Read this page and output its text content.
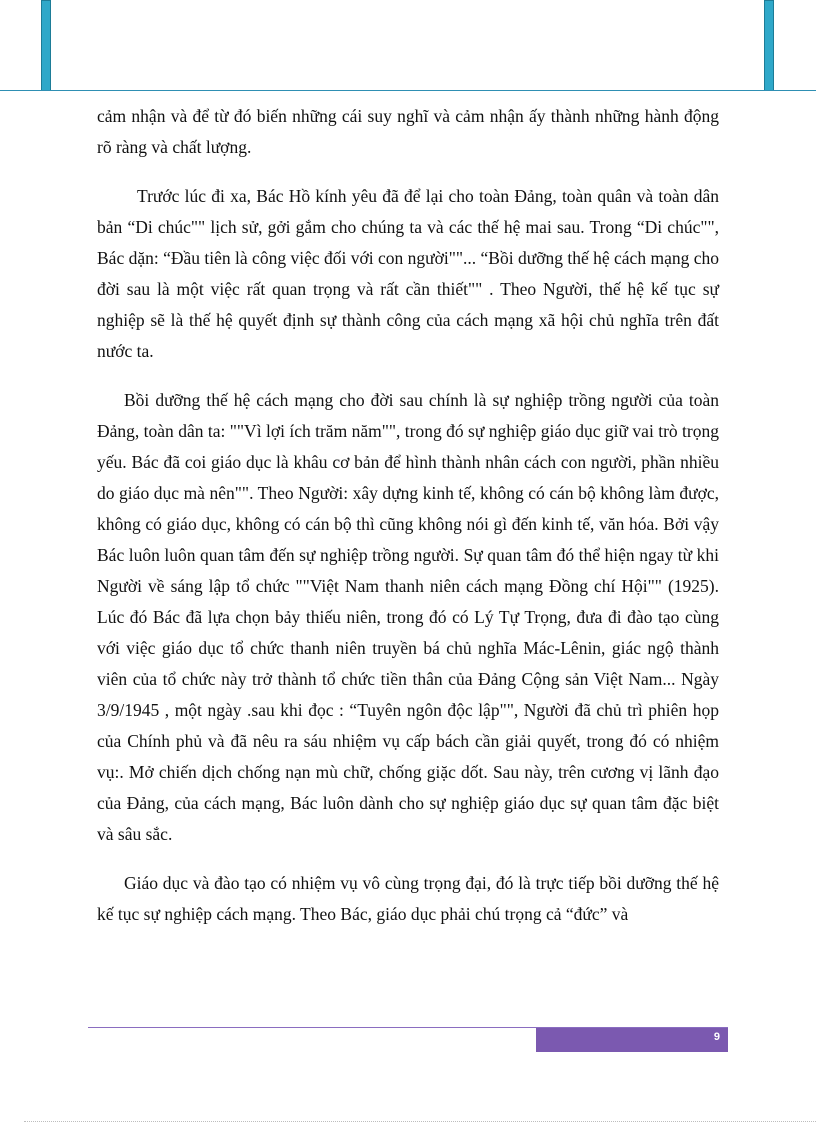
cảm nhận và để từ đó biến những cái suy nghĩ và cảm nhận ấy thành những hành động rõ ràng và chất lượng.

Trước lúc đi xa, Bác Hồ kính yêu đã để lại cho toàn Đảng, toàn quân và toàn dân bản “Di chúc"" lịch sử, gởi gắm cho chúng ta và các thế hệ mai sau. Trong “Di chúc"", Bác dặn: “Đầu tiên là công việc đối với con người""... “Bồi dưỡng thế hệ cách mạng cho đời sau là một việc rất quan trọng và rất cần thiết"" . Theo Người, thế hệ kế tục sự nghiệp sẽ là thế hệ quyết định sự thành công của cách mạng xã hội chủ nghĩa trên đất nước ta.

Bồi dưỡng thế hệ cách mạng cho đời sau chính là sự nghiệp trồng người của toàn Đảng, toàn dân ta: ""Vì lợi ích trăm năm"", trong đó sự nghiệp giáo dục giữ vai trò trọng yếu. Bác đã coi giáo dục là khâu cơ bản để hình thành nhân cách con người, phần nhiều do giáo dục mà nên"". Theo Người: xây dựng kinh tế, không có cán bộ không làm được, không có giáo dục, không có cán bộ thì cũng không nói gì đến kinh tế, văn hóa. Bởi vậy Bác luôn luôn quan tâm đến sự nghiệp trồng người. Sự quan tâm đó thể hiện ngay từ khi Người về sáng lập tổ chức ""Việt Nam thanh niên cách mạng Đồng chí Hội"" (1925). Lúc đó Bác đã lựa chọn bảy thiếu niên, trong đó có Lý Tự Trọng, đưa đi đào tạo cùng với việc giáo dục tổ chức thanh niên truyền bá chủ nghĩa Mác-Lênin, giác ngộ thành viên của tổ chức này trở thành tổ chức tiền thân của Đảng Cộng sản Việt Nam... Ngày 3/9/1945 , một ngày .sau khi đọc : “Tuyên ngôn độc lập"", Người đã chủ trì phiên họp của Chính phủ và đã nêu ra sáu nhiệm vụ cấp bách cần giải quyết, trong đó có nhiệm vụ:. Mở chiến dịch chống nạn mù chữ, chống giặc dốt. Sau này, trên cương vị lãnh đạo của Đảng, của cách mạng, Bác luôn dành cho sự nghiệp giáo dục sự quan tâm đặc biệt và sâu sắc.

Giáo dục và đào tạo có nhiệm vụ vô cùng trọng đại, đó là trực tiếp bồi dưỡng thế hệ kế tục sự nghiệp cách mạng. Theo Bác, giáo dục phải chú trọng cả “đức” và

9
